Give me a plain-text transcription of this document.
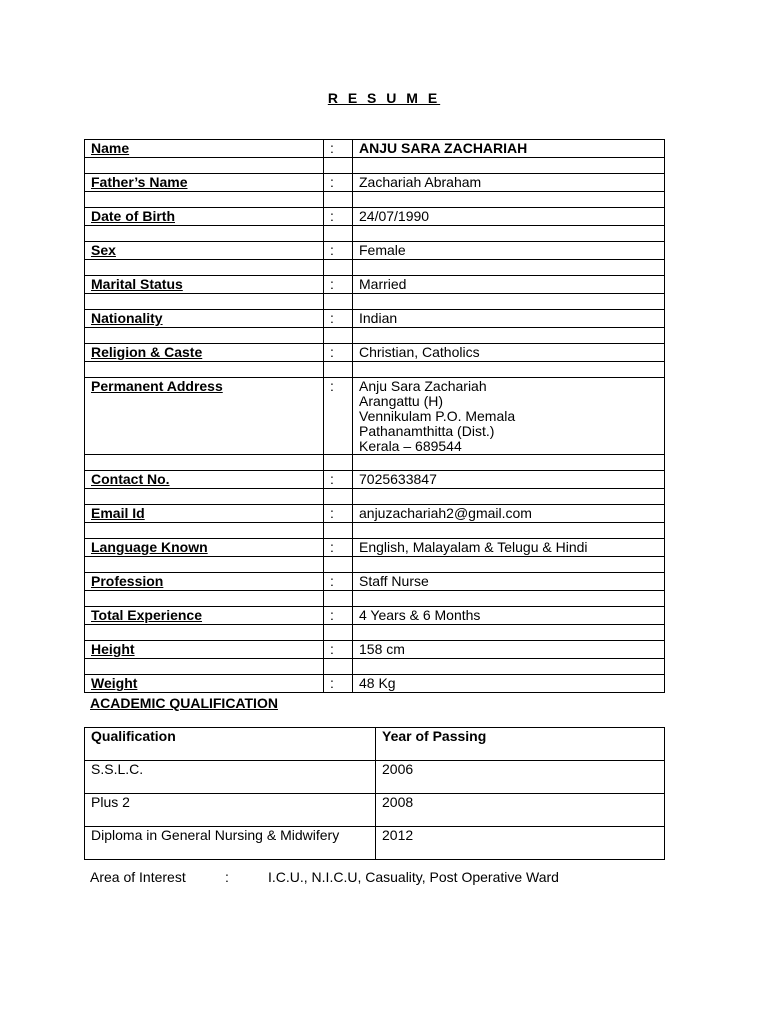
R E S U M E
Name	:	ANJU SARA ZACHARIAH

Father’s Name	:	Zachariah Abraham

Date of Birth	:	24/07/1990

Sex	:	Female

Marital Status	:	Married

Nationality	:	Indian

Religion & Caste	:	Christian, Catholics

Permanent Address	:	Anju Sara Zachariah
Arangattu (H)
Vennikulam P.O. Memala
Pathanamthitta (Dist.)
Kerala – 689544

Contact No.	:	7025633847

Email Id	:	anjuzachariah2@gmail.com

Language Known	:	English, Malayalam & Telugu & Hindi

Profession	:	Staff Nurse

Total Experience	:	4 Years & 6 Months

Height	:	158 cm

Weight	:	48 Kg
ACADEMIC QUALIFICATION
Qualification	Year of Passing
S.S.L.C.	2006
Plus 2	2008
Diploma in General Nursing & Midwifery	2012
Area of Interest	:	I.C.U., N.I.C.U, Casuality, Post Operative Ward
